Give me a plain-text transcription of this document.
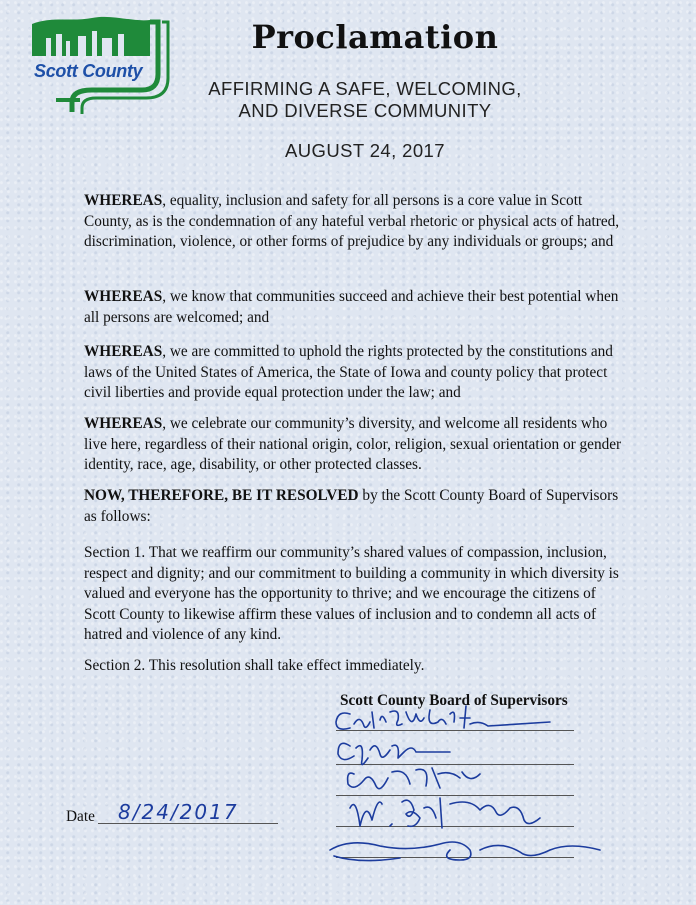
Scott County
Proclamation
AFFIRMING A SAFE, WELCOMING,
AND DIVERSE COMMUNITY
AUGUST 24, 2017

WHEREAS, equality, inclusion and safety for all persons is a core value in Scott County, as is the condemnation of any hateful verbal rhetoric or physical acts of hatred, discrimination, violence, or other forms of prejudice by any individuals or groups; and

WHEREAS, we know that communities succeed and achieve their best potential when all persons are welcomed; and

WHEREAS, we are committed to uphold the rights protected by the constitutions and laws of the United States of America, the State of Iowa and county policy that protect civil liberties and provide equal protection under the law; and

WHEREAS, we celebrate our community’s diversity, and welcome all residents who live here, regardless of their national origin, color, religion, sexual orientation or gender identity, race, age, disability, or other protected classes.

NOW, THEREFORE, BE IT RESOLVED by the Scott County Board of Supervisors as follows:

Section 1. That we reaffirm our community’s shared values of compassion, inclusion, respect and dignity; and our commitment to building a community in which diversity is valued and everyone has the opportunity to thrive; and we encourage the citizens of Scott County to likewise affirm these values of inclusion and to condemn all acts of hatred and violence of any kind.

Section 2. This resolution shall take effect immediately.

Scott County Board of Supervisors
Date 8/24/2017
